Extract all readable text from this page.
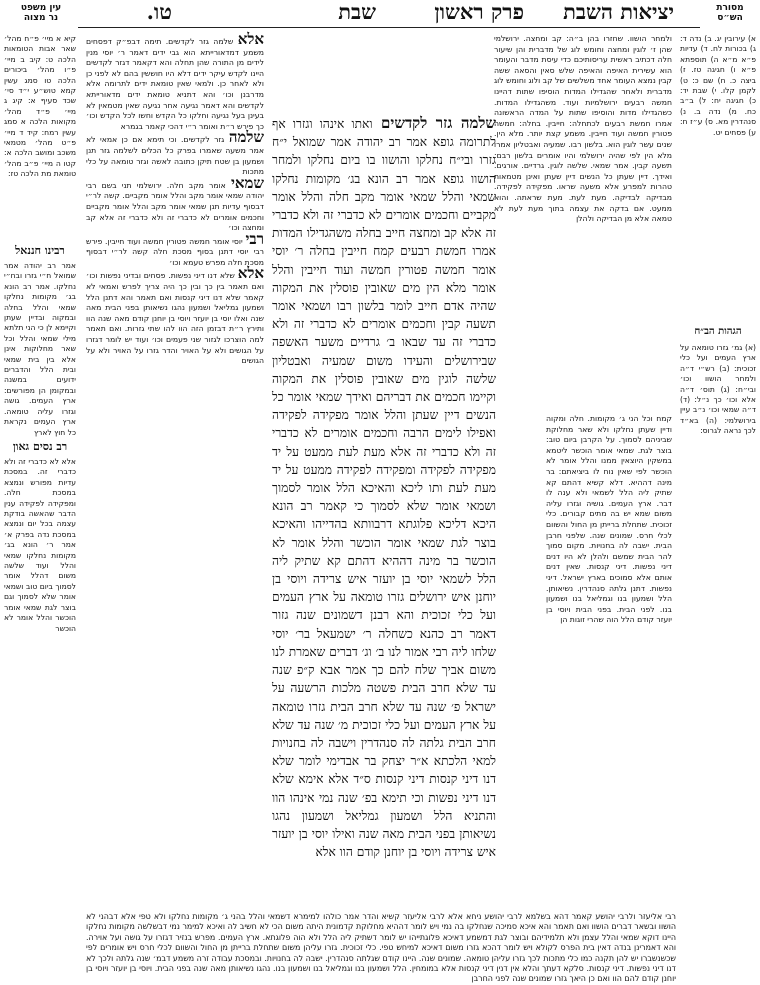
מסורת
הש״ס
יציאות השבת
פרק ראשון
שבת
טו.
עין משפט
נר מצוה
א) עירובין יג. ב) נדה ד: ג) בכורות לח. ד) עדיות פ״א מ״א ה) תוספתא פ״א ו) חגיגה טז. ז) ביצה כ. ח) שם כ: ט) לקמן קלו. י) שבת יד: כ) חגיגה יח: ל) ב״ב כח. מ) נדה ב. נ) סנהדרין מא. ס) ע״ז ח: ע) פסחים יט.
הגהות הב״ח
(א) גמ׳ גזרו טומאה על ארץ העמים ועל כלי זכוכית: (ב) רש״י ד״ה ולמחר הושוו וכו׳ ובי״ח: (ג) תוס׳ ד״ה אלא וכו׳ כך נ״ל: (ד) ד״ה שמאי וכו׳ נ״ב עיין בירושלמי: (ה) בא״ד לכך נראה לגרוס:
ולמחר הושוו. שחזרו בהן ב״ה: קב ומחצה. ירושלמי שהן ז׳ לוגין ומחצה וחומש לוג של מדברית והן שיעור חלה דכתיב ראשית עריסותיכם כדי עיסת מדבר והעומר הוא עשירית האיפה והאיפה שלש סאין והסאה ששה קבין נמצא העומר אחד משלשים של קב ולוג וחומש לוג מדברית ולאחר שהגדילו המדות הוסיפו שתות דהיינו חמשה רבעים ירושלמיות ועוד. משהגדילו המדות. כשהגדילו מדות והוסיפו שתות על המדה הראשונה אמרו חמשת רבעים לכתחלה: חייבין. בחלה: חמשה פטורין חמשה ועוד חייבין. משמע קצת יותר. מלא הין. שנים עשר לוגין הוא. בלשון רבו. שמעיה ואבטליון אמרו מלא הין לפי שהיה ירושלמי והיו אומרים בלשון רבם: תשעה קבין. אמר שמאי. שלשה לוגין. גרדיים. אורגים. ואידך. דיין שעתן כל הנשים דיין שעתן ואינן מטמאות טהרות למפרע אלא משעה שראו. מפקידה לפקידה. מבדיקה לבדיקה. מעת לעת. מעת שראתה. והוא ממעט. אם בדקה את עצמה בתוך מעת לעת לא טמאה אלא מן הבדיקה ולהלן
קמח וכל הני ג׳ מקומות. חלה ומקוה ודיין שעתן נחלקו ולא שאר מחלוקת שביניהם לסמוך. על הקרבן ביום טוב: בוצר לגת. שמאי אומר הוכשר ליטמא במשקין היוצאין ממנו והלל אומר לא הוכשר לפי שאין נוח לו ביציאתם: בר מינה דההיא. דלא קשיא דהתם קא שתיק ליה הלל לשמאי ולא ענה לו דבר. ארץ העמים. גושיה וגזרו עליה משום שמא יש בה מתים קבורים. כלי זכוכית. שתחלת ברייתן מן החול והשוום לכלי חרס. שמונים שנה. שלפני חרבן הבית. ישבה לה בחנויות. מקום סמוך להר הבית שמשם ולהלן לא היו דנים דיני נפשות. דיני קנסות. שאין דנים אותם אלא סמוכים בארץ ישראל. דיני נפשות. דתנן גלתה סנהדרין. נשיאותן. הלל ושמעון בנו וגמליאל בנו ושמעון בנו. לפני הבית. בפני הבית ויוסי בן יועזר קודם הלל הוה שהרי זוגות הן
שלמה גזר לקדשים ואתו אינהו וגזרו אף לתרומה גופא אמר רב יהודה אמר שמואל י״ח גזרו ובי״ח נחלקו והושוו בו ביום נחלקו ולמחר הושוו גופא אמר רב הונא בג׳ מקומות נחלקו שמאי והלל שמאי אומר מקב חלה והלל אומר מקביים וחכמים אומרים לא כדברי זה ולא כדברי זה אלא קב ומחצה חייב בחלה משהגדילו המדות אמרו חמשת רבעים קמח חייבין בחלה ר׳ יוסי אומר חמשה פטורין חמשה ועוד חייבין והלל אומר מלא הין מים שאובין פוסלין את המקוה שהיה אדם חייב לומר בלשון רבו ושמאי אומר תשעה קבין וחכמים אומרים לא כדברי זה ולא כדברי זה עד שבאו ב׳ גרדיים משער האשפה שבירושלים והעידו משום שמעיה ואבטליון שלשה לוגין מים שאובין פוסלין את המקוה וקיימו חכמים את דבריהם ואידך שמאי אומר כל הנשים דיין שעתן והלל אומר מפקידה לפקידה ואפילו לימים הרבה וחכמים אומרים לא כדברי זה ולא כדברי זה אלא מעת לעת ממעט על יד מפקידה לפקידה ומפקידה לפקידה ממעט על יד מעת לעת ותו ליכא והאיכא הלל אומר לסמוך ושמאי אומר שלא לסמוך כי קאמר רב הונא היכא דליכא פלוגתא דרבוותא בהדייהו והאיכא בוצר לגת שמאי אומר הוכשר והלל אומר לא הוכשר בר מינה דההיא דהתם קא שתיק ליה הלל לשמאי יוסי בן יועזר איש צרידה ויוסי בן יוחנן איש ירושלים גזרו טומאה על ארץ העמים ועל כלי זכוכית והא רבנן דשמונים שנה גזור דאמר רב כהנא כשחלה ר׳ ישמעאל בר׳ יוסי שלחו ליה רבי אמור לנו ב׳ וג׳ דברים שאמרת לנו משום אביך שלח להם כך אמר אבא ק״פ שנה עד שלא חרב הבית פשטה מלכות הרשעה על ישראל פ׳ שנה עד שלא חרב הבית גזרו טומאה על ארץ העמים ועל כלי זכוכית מ׳ שנה עד שלא חרב הבית גלתה לה סנהדרין וישבה לה בחנויות למאי הלכתא א״ר יצחק בר אבדימי לומר שלא דנו דיני קנסות דיני קנסות ס״ד אלא אימא שלא דנו דיני נפשות וכי תימא בפ׳ שנה נמי אינהו הוו והתניא הלל ושמעון גמליאל ושמעון נהגו נשיאותן בפני הבית מאה שנה ואילו יוסי בן יועזר איש צרידה ויוסי בן יוחנן קודם הוו אלא
אלא שלמה גזר לקדשים. תימה דבפ״ק דפסחים משמע דמדאורייתא הוא גבי ידים דאמר ר׳ יוסי מנין לידים מן התורה שהן תחלה והא דקאמר דגזר לקדשים היינו לקדש עיקר ידים דלא היו חוששין בהם לא לפני כן ולא לאחר כן. ולמאי שאין טומאת ידים לתרומה אלא מדרבנן וכו׳ והא דתניא טומאת ידים מדאורייתא לקדשים והא דאמר נגיעה אחר נגיעה שאין מטמאין לא בעינן בעל נגיעה וחלקו כל הקדש וחשו לכל הקדש וכו׳ כך פירש ר״ת ואומר ר״י דהכי קאמר בגמרא
שלמה גזר לקדשים. וכי תימא אם כן אמאי לא אמר משעה שאמרו בפרק כל הכלים לשלמה גזר תנן ושמעון בן שטח תיקן כתובה לאשה וגזר טומאה על כלי מתכות
שמאי אומר מקב חלה. ירושלמי תני בשם רבי יהודה שמאי אומר מקב והלל אומר מקביים. קשה לר״י דבסוף עדיות תנן שמאי אומר מקב והלל אומר מקביים וחכמים אומרים לא כדברי זה ולא כדברי זה אלא קב ומחצה וכו׳
רבי יוסי אומר חמשה פטורין חמשה ועוד חייבין. פירש רבי יוסי דתנן בסוף מסכת חלה קשה לר״י דבסוף מסכת חלה מפרש טעמא וכו׳
אלא שלא דנו דיני נפשות. פסחים ובדיני נפשות וכו׳ ואם תאמר בין כך ובין כך היה צריך לפרש ואמאי לא קאמר שלא דנו דיני קנסות ואם תאמר והא דתנן הלל ושמעון גמליאל ושמעון נהגו נשיאותן בפני הבית מאה שנה ואלו יוסי בן יועזר ויוסי בן יוחנן קודם מאה שנה הוו ותירץ ר״ת דבזמן הזה הוו להו שתי גזרות. ואם תאמר למה הוצרכו לגזור שני פעמים וכו׳ ועוד יש לומר דגזרו על הגושים ולא על האויר והדר גזרו על האויר ולא על הגושים
קיא א מיי׳ פ״ח מהל׳ שאר אבות הטומאות הלכה ט: קיב ב מיי׳ פ״ו מהל׳ ביכורים הלכה טו סמג עשין קמא טוש״ע י״ד סי׳ שכד סעיף א: קיג ג מיי׳ פ״ד מהל׳ מקואות הלכה א סמג עשין רמח: קיד ד מיי׳ פ״ט מהל׳ מטמאי משכב ומושב הלכה א: קטו ה מיי׳ פ״ב מהל׳ טומאת מת הלכה טז:
רבינו חננאל
אמר רב יהודה אמר שמואל ח״י גזרו ובח״י נחלקו. אמר רב הונא בג׳ מקומות נחלקו שמאי והלל בחלה ובמקוה ובדיין שעתן וקיימא לן כי הני תלתא מילי שמאי והלל וכל שאר מחלוקות אינן אלא בין בית שמאי ובית הלל והדברים ידועים במשנה ובמקומן הן מפורשים: ארץ העמים. גושה וגזרו עליה טומאה. ארץ העמים נקראת כל חוץ לארץ
רב נסים גאון
אלא לא כדברי זה ולא כדברי זה. במסכת עדיות מפורש ונמצא במסכת חלה. ומפקידה לפקידה ענין הדבר שהאשה בודקת עצמה בכל יום ונמצא במסכת נדה בפרק א׳ אמר ר׳ הונא בג׳ מקומות נחלקו שמאי והלל ועוד שלשה משום דהלל אומר לסמוך ביום טוב ושמאי אומר שלא לסמוך וגם בוצר לגת שמאי אומר הוכשר והלל אומר לא הוכשר
רבי אליעזר ולרבי יהושע קאמר דהא בשלמא לרבי יהושע ניחא אלא לרבי אליעזר קשיא והדר אמר כולהו למימרא דשמאי והלל בהני ג׳ מקומות נחלקו ולא טפי אלא דבהני לא הושוו ובשאר דברים הושוו ואם תאמר והא איכא סמיכה שנחלקו בה נמי ויש לומר דההיא מחלוקת קדמונית היתה משום הכי לא חשיב לה ואיכא למימר נמי דבשלשה מקומות נחלקו היינו דוקא שמאי והלל עצמן ולא תלמידיהם ובוצר לגת דמשמע דאיכא פלוגתייהו יש לומר דשתיק ליה הלל ולא הוה פלוגתא. ארץ העמים. מפרש בנזיר דגזרו על גושה ועל אוירה. והא דאמרינן בנדה דאין בית הפרס לקולא ויש לומר דהכא גזרו משום דאיכא למיחש טפי. כלי זכוכית. גזרו עליהן משום שתחלת ברייתן מן החול והשוום לכלי חרס ויש אומרים לפי שכשנשברו יש להן תקנה כמו כלי מתכות לכך גזרו עליהן טומאה. שמונים שנה. היינו קודם שגלתה סנהדרין. ישבה לה בחנויות. ובמסכת עבודה זרה משמע דבמ׳ שנה גלתה ולכך לא דנו דיני נפשות. דיני קנסות. סלקא דעתך והלא אין דנין דיני קנסות אלא במומחין. הלל ושמעון בנו וגמליאל בנו ושמעון בנו. נהגו נשיאותן מאה שנה בפני הבית. ויוסי בן יועזר ויוסי בן יוחנן קודם להם הוו ואם כן היאך גזרו שמונים שנה לפני החרבן
